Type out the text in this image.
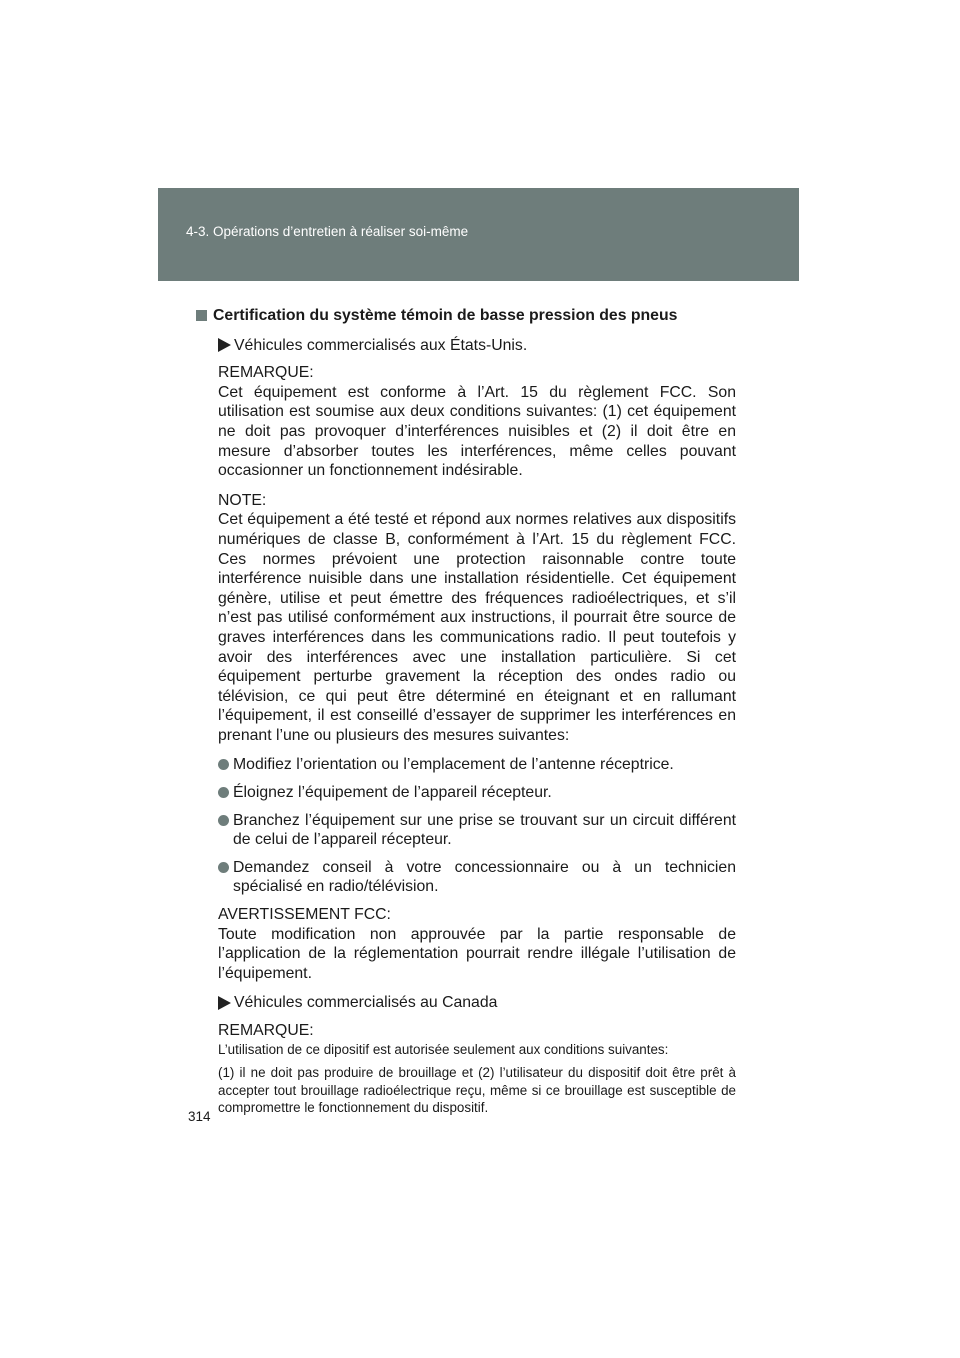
4-3. Opérations d’entretien à réaliser soi-même
Certification du système témoin de basse pression des pneus
Véhicules commercialisés aux États-Unis.
REMARQUE:

Cet équipement est conforme à l’Art. 15 du règlement FCC. Son utilisation est soumise aux deux conditions suivantes: (1) cet équipement ne doit pas provoquer d’interférences nuisibles et (2) il doit être en mesure d’absorber toutes les interférences, même celles pouvant occasionner un fonctionnement indésirable.

NOTE:

Cet équipement a été testé et répond aux normes relatives aux dispositifs numériques de classe B, conformément à l’Art. 15 du règlement FCC. Ces normes prévoient une protection raisonnable contre toute interférence nuisible dans une installation résidentielle. Cet équipement génère, utilise et peut émettre des fréquences radioélectriques, et s’il n’est pas utilisé conformément aux instructions, il pourrait être source de graves interférences dans les communications radio. Il peut toutefois y avoir des interférences avec une installation particulière. Si cet équipement perturbe gravement la réception des ondes radio ou télévision, ce qui peut être déterminé en éteignant et en rallumant l’équipement, il est conseillé d’essayer de supprimer les interférences en prenant l’une ou plusieurs des mesures suivantes:

Modifiez l’orientation ou l’emplacement de l’antenne réceptrice.
Éloignez l’équipement de l’appareil récepteur.
Branchez l’équipement sur une prise se trouvant sur un circuit différent de celui de l’appareil récepteur.
Demandez conseil à votre concessionnaire ou à un technicien spécialisé en radio/télévision.
AVERTISSEMENT FCC:

Toute modification non approuvée par la partie responsable de l’application de la réglementation pourrait rendre illégale l’utilisation de l’équipement.

Véhicules commercialisés au Canada
REMARQUE:

L’utilisation de ce dipositif est autorisée seulement aux conditions suivantes:

(1) il ne doit pas produire de brouillage et (2) l’utilisateur du dispositif doit être prêt à accepter tout brouillage radioélectrique reçu, même si ce brouillage est susceptible de compromettre le fonctionnement du dispositif.

314
